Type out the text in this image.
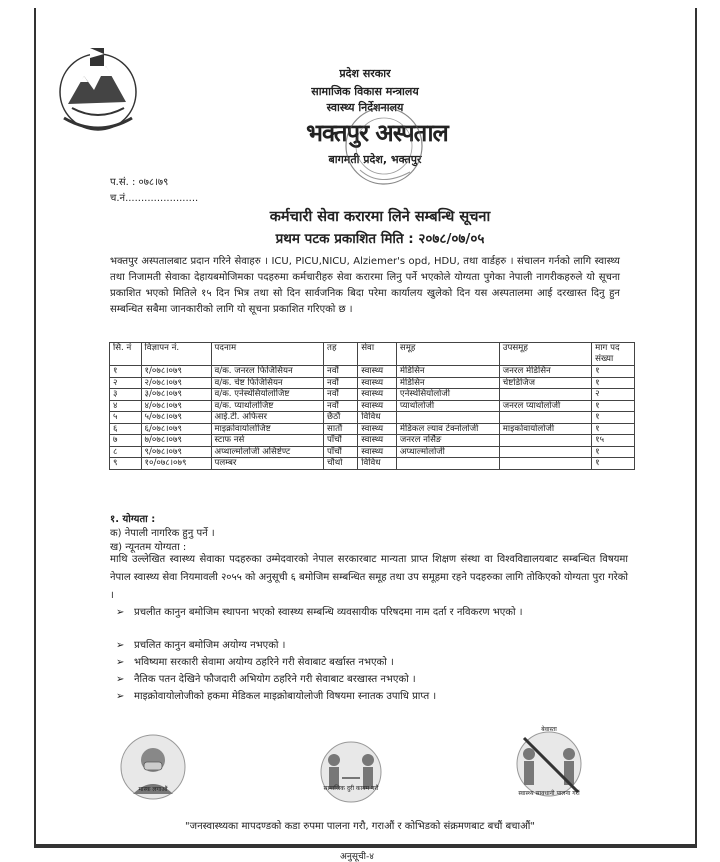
प्रदेश सरकार
सामाजिक विकास मन्त्रालय
स्वास्थ्य निर्देशनालय
भक्तपुर अस्पताल
बागमती प्रदेश, भक्तपुर
प.सं. : ०७८।७९
च.नं.......................
कर्मचारी सेवा करारमा लिने सम्बन्धि सूचना
प्रथम पटक प्रकाशित मिति : २०७८/०७/०५
भक्तपुर अस्पतालबाट प्रदान गरिने सेवाहरु । ICU, PICU,NICU, Alziemer's opd, HDU, तथा वार्डहरु । संचालन गर्नको लागि स्वास्थ्य तथा निजामती सेवाका देहायबमोजिमका पदहरुमा कर्मचारीहरु सेवा करारमा लिनु पर्ने भएकोले योग्यता पुगेका नेपाली नागरीकहरुले यो सूचना प्रकाशित भएको मितिले १५ दिन भित्र तथा सो दिन सार्वजनिक बिदा परेमा कार्यालय खुलेको दिन यस अस्पतालमा आई दरखास्त दिनु हुन सम्बन्धित सबैमा जानकारीको लागि यो सूचना प्रकाशित गरिएको छ ।
सि. नं	विज्ञापन नं.	पदनाम	तह	सेवा	समूह	उपसमूह	माग पद संख्या
१	१/०७८।०७९	व/क. जनरल फिजिसियन	नवौं	स्वास्थ्य	मेडिसिन	जनरल मेडिसिन	१
२	२/०७८।०७९	व/क. चेष्ट फिजिसियन	नवौं	स्वास्थ्य	मेडिसिन	चेष्टडिजिज	१
३	३/०७८।०७९	व/क. एनेस्थेसियोलोजिष्ट	नवौं	स्वास्थ्य	एनेस्थेसियोलोजी		२
४	४/०७८।०७९	व/क. प्याथोलोजिष्ट	नवौं	स्वास्थ्य	प्याथोलोजी	जनरल प्याथोलोजी	१
५	५/०७८।०७९	आई.टी. अफिसर	छैठौं	विविध			१
६	६/०७८।०७९	माइक्रोवायोलोजिष्ट	सातौं	स्वास्थ्य	मेडिकल ल्याव टेक्नोलोजी	माइकोवायोलोजी	१
७	७/०७८।०७९	स्टाफ नर्स	पाँचौं	स्वास्थ्य	जनरल नर्सिङ		१५
८	९/०७८।०७९	अप्थाल्मोलोजी असिष्टेण्ट	पाँचौं	स्वास्थ्य	अप्थाल्मोलोजी		१
९	१०/०७८।०७९	पलम्बर	चौथो	विविध			१
१. योग्यता :
क) नेपाली नागरिक हुनु पर्ने ।
ख) न्यूनतम योग्यता :
माथि उल्लेखित स्वास्थ्य सेवाका पदहरुका उम्मेदवारको नेपाल सरकारबाट मान्यता प्राप्त शिक्षण संस्था वा विश्वविद्यालयबाट सम्बन्धित विषयमा नेपाल स्वास्थ्य सेवा नियमावली २०५५ को अनुसूची ६ बमोजिम सम्बन्धित समूह तथा उप समूहमा रहने पदहरुका लागि तोकिएको योग्यता पुरा गरेको ।
➢ प्रचलीत कानुन बमोजिम स्थापना भएको स्वास्थ्य सम्बन्धि व्यवसायीक परिषदमा नाम दर्ता र नविकरण भएको ।
➢ प्रचलित कानुन बमोजिम अयोग्य नभएको ।
➢ भविष्यमा सरकारी सेवामा अयोग्य ठहरिने गरी सेवाबाट बर्खास्त नभएको ।
➢ नैतिक पतन देखिने फौजदारी अभियोग ठहरिने गरी सेवाबाट बरखास्त नभएको ।
➢ माइक्रोवायोलोजीको हकमा मेडिकल माइक्रोबायोलोजी विषयमा स्नातक उपाधि प्राप्त ।
मास्क लगाऔं	सामाजिक दुरी कायम गरौं
बेवास्ता
स्वास्थ्य सावधानी पालना गरौं
"जनस्वास्थ्यका मापदण्डको कडा रुपमा पालना गरौ, गराऔं र कोभिडको संक्रमणबाट बचौं बचाऔं"
अनुसूची-४
